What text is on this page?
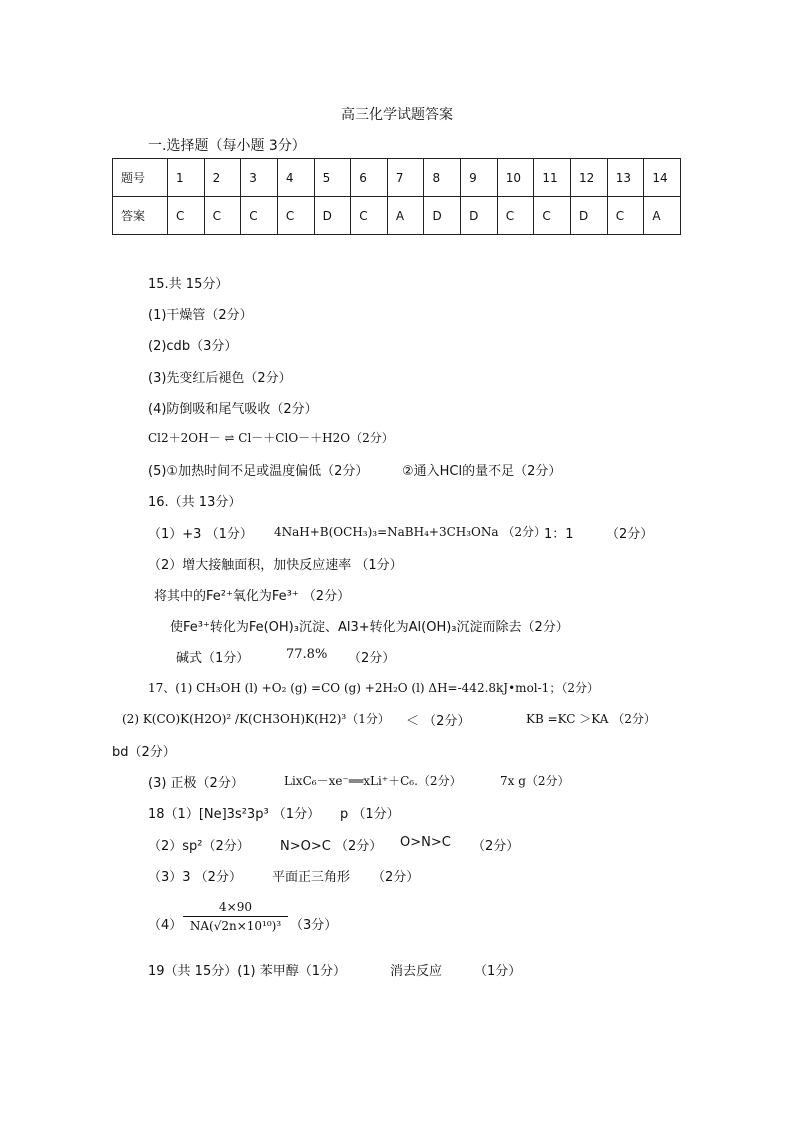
高三化学试题答案
一.选择题（每小题 3分）
题号	1	2	3	4	5	6	7	8	9	10	11	12	13	14
答案	C	C	C	C	D	C	A	D	D	C	C	D	C	A
15.共 15分）
(1)干燥管（2分）
(2)cdb（3分）
(3)先变红后褪色（2分）
(4)防倒吸和尾气吸收（2分）
Cl2＋2OH－ ⇌ Cl－＋ClO－＋H2O（2分）
(5)①加热时间不足或温度偏低（2分）	②通入HCl的量不足（2分）
16.（共 13分）
（1）+3 （1分） 4NaH+B(OCH₃)₃=NaBH₄+3CH₃ONa （2分）
1：1 （2分）
（2）增大接触面积，加快反应速率 （1分）
将其中的Fe²⁺氧化为Fe³⁺ （2分）
使Fe³⁺转化为Fe(OH)₃沉淀、Al3+转化为Al(OH)₃沉淀而除去（2分）
碱式（1分）	77.8% （2分）
17、(1) CH₃OH (l) +O₂ (g) =CO (g) +2H₂O (l) ΔH=-442.8kJ•mol-1；（2分）
(2) K(CO)K(H2O)² /K(CH3OH)K(H2)³（1分） ＜ （2分）	KB =KC ＞KA （2分）
bd（2分）
(3) 正极（2分）	LixC₆－xe⁻══xLi⁺＋C₆.（2分）	7x g（2分）
18（1）[Ne]3s²3p³ （1分） p （1分）
（2）sp²（2分） N>O>C （2分） O>N>C （2分）
（3）3 （2分） 平面正三角形 （2分）
$(4) \frac{4\times 90}{\text{NA(√2n×10¹⁰)³}} (3$分）
19（共 15分）(1) 苯甲醇（1分）	消去反应 （1分）
